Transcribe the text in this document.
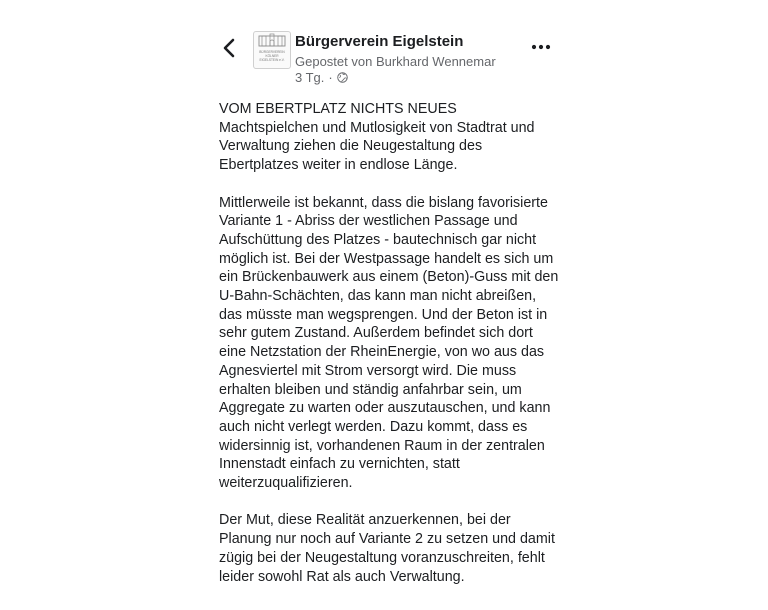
BÜRGERVEREIN
KÖLNER
EIGELSTEIN e.V.
Bürgerverein Eigelstein
Gepostet von Burkhard Wennemar
3 Tg. ·
VOM EBERTPLATZ NICHTS NEUES
Machtspielchen und Mutlosigkeit von Stadtrat und
Verwaltung ziehen die Neugestaltung des
Ebertplatzes weiter in endlose Länge.
Mittlerweile ist bekannt, dass die bislang favorisierte
Variante 1 - Abriss der westlichen Passage und
Aufschüttung des Platzes - bautechnisch gar nicht
möglich ist. Bei der Westpassage handelt es sich um
ein Brückenbauwerk aus einem (Beton)-Guss mit den
U-Bahn-Schächten, das kann man nicht abreißen,
das müsste man wegsprengen. Und der Beton ist in
sehr gutem Zustand. Außerdem befindet sich dort
eine Netzstation der RheinEnergie, von wo aus das
Agnesviertel mit Strom versorgt wird. Die muss
erhalten bleiben und ständig anfahrbar sein, um
Aggregate zu warten oder auszutauschen, und kann
auch nicht verlegt werden. Dazu kommt, dass es
widersinnig ist, vorhandenen Raum in der zentralen
Innenstadt einfach zu vernichten, statt
weiterzuqualifizieren.
Der Mut, diese Realität anzuerkennen, bei der
Planung nur noch auf Variante 2 zu setzen und damit
zügig bei der Neugestaltung voranzuschreiten, fehlt
leider sowohl Rat als auch Verwaltung.
